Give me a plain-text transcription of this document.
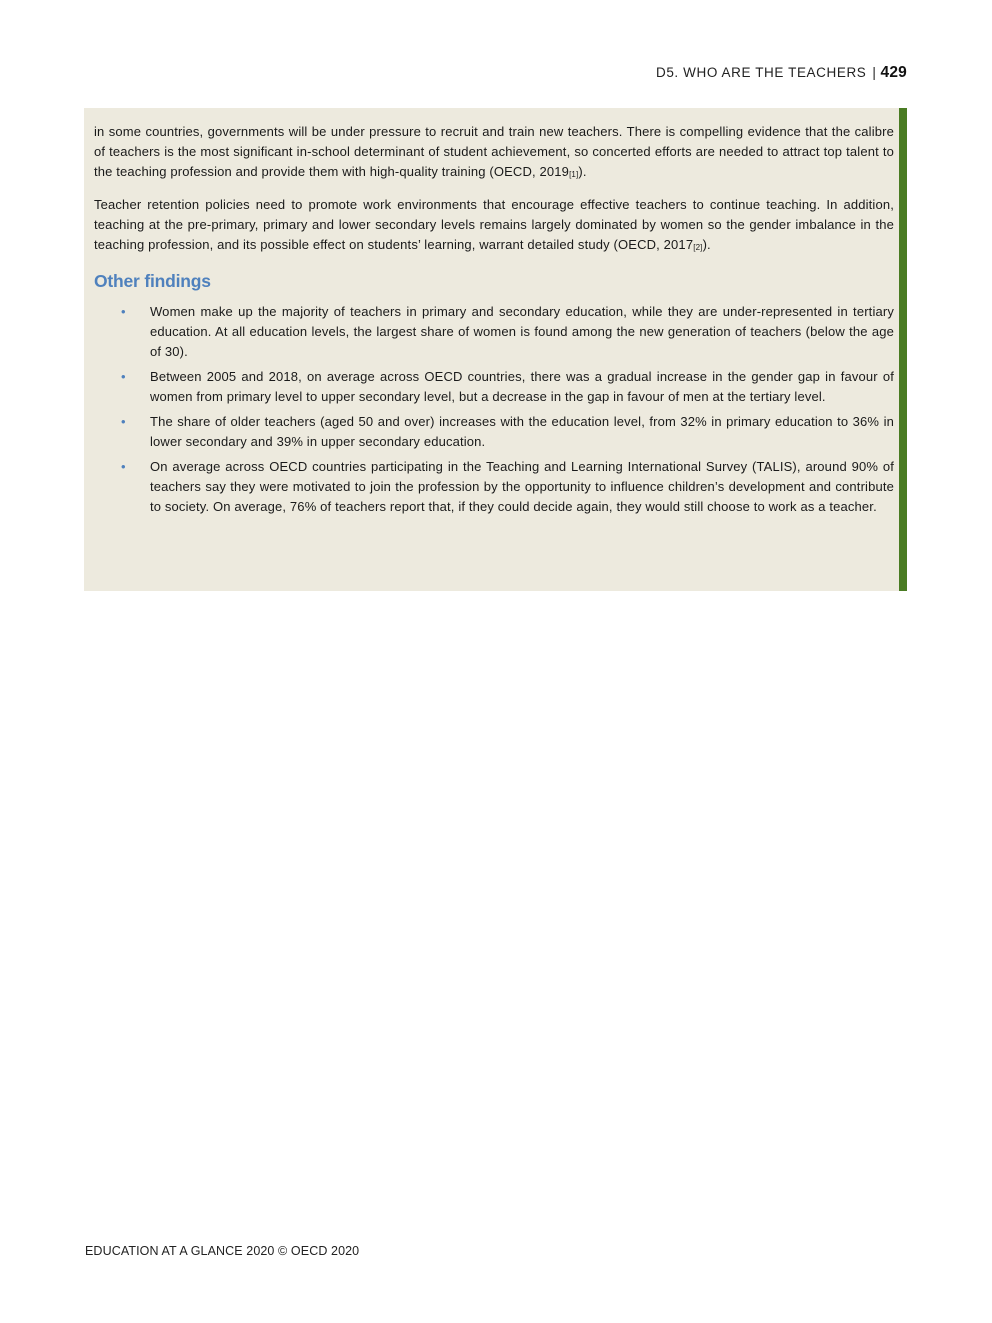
D5. WHO ARE THE TEACHERS | 429

in some countries, governments will be under pressure to recruit and train new teachers. There is compelling evidence that the calibre of teachers is the most significant in-school determinant of student achievement, so concerted efforts are needed to attract top talent to the teaching profession and provide them with high-quality training (OECD, $2019_{[1]}$).

Teacher retention policies need to promote work environments that encourage effective teachers to continue teaching. In addition, teaching at the pre-primary, primary and lower secondary levels remains largely dominated by women so the gender imbalance in the teaching profession, and its possible effect on students’ learning, warrant detailed study (OECD, $2017_{[2]}$).

Other findings
• Women make up the majority of teachers in primary and secondary education, while they are under-represented in tertiary education. At all education levels, the largest share of women is found among the new generation of teachers (below the age of 30).
• Between 2005 and 2018, on average across OECD countries, there was a gradual increase in the gender gap in favour of women from primary level to upper secondary level, but a decrease in the gap in favour of men at the tertiary level.
• The share of older teachers (aged 50 and over) increases with the education level, from 32% in primary education to 36% in lower secondary and 39% in upper secondary education.
• On average across OECD countries participating in the Teaching and Learning International Survey (TALIS), around 90% of teachers say they were motivated to join the profession by the opportunity to influence children’s development and contribute to society. On average, 76% of teachers report that, if they could decide again, they would still choose to work as a teacher.
EDUCATION AT A GLANCE 2020 © OECD 2020
